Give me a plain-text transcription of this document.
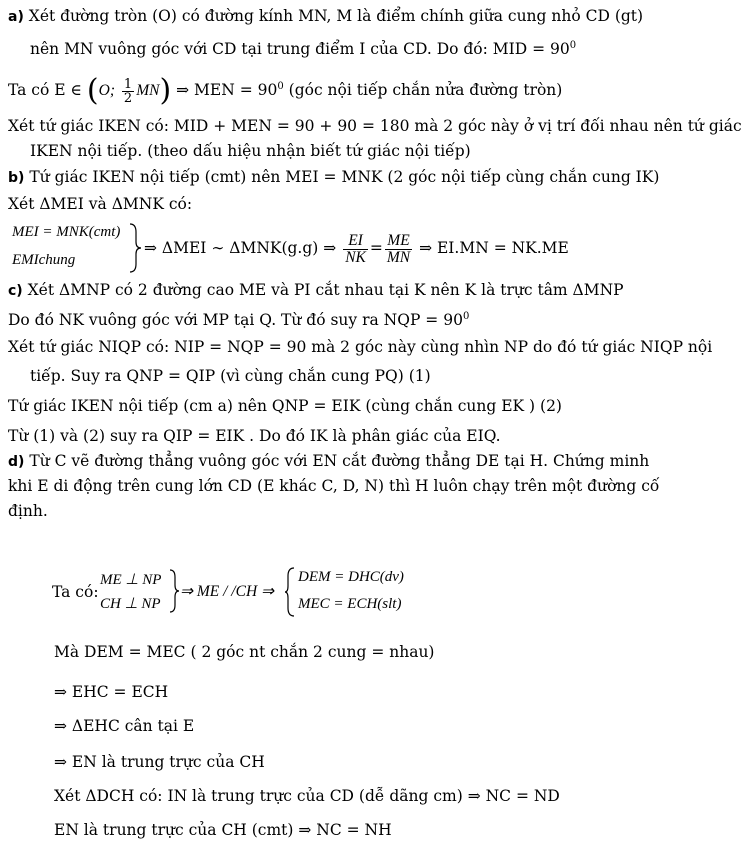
a) Xét đường tròn (O) có đường kính MN, M là điểm chính giữa cung nhỏ CD (gt)
nên MN vuông góc với CD tại trung điểm I của CD. Do đó: MID = $90^0$
Ta có E ∈ (O; $\frac{1}{2} MN$) ⇒ MEN = $90^0$ (góc nội tiếp chắn nửa đường tròn)
Xét tứ giác IKEN có: MID + MEN = 90 + 90 = 180 mà 2 góc này ở vị trí đối nhau nên tứ giác
IKEN nội tiếp. (theo dấu hiệu nhận biết tứ giác nội tiếp)
b) Tứ giác IKEN nội tiếp (cmt) nên MEI = MNK (2 góc nội tiếp cùng chắn cung IK)
Xét ΔMEI và ΔMNK có:
MEI = MNK(cmt)
EMIchung
⇒ ΔMEI ∼ ΔMNK(g.g) ⇒ $\frac{EI}{NK} = \frac{ME}{MN}$ ⇒ EI.MN = NK.ME
c) Xét ΔMNP có 2 đường cao ME và PI cắt nhau tại K nên K là trực tâm ΔMNP
Do đó NK vuông góc với MP tại Q. Từ đó suy ra NQP = $90^0$
Xét tứ giác NIQP có: NIP = NQP = 90 mà 2 góc này cùng nhìn NP do đó tứ giác NIQP nội
tiếp. Suy ra QNP = QIP (vì cùng chắn cung PQ) (1)
Tứ giác IKEN nội tiếp (cm a) nên QNP = EIK (cùng chắn cung EK ) (2)
Từ (1) và (2) suy ra QIP = EIK . Do đó IK là phân giác của EIQ.
d) Từ C vẽ đường thẳng vuông góc với EN cắt đường thẳng DE tại H. Chứng minh
khi E di động trên cung lớn CD (E khác C, D, N) thì H luôn chạy trên một đường cố
định.
Ta có:
ME ⊥ NP
CH ⊥ NP
⇒ ME / /CH ⇒
DEM = DHC(dv)
MEC = ECH(slt)
Mà DEM = MEC ( 2 góc nt chắn 2 cung = nhau)
⇒ EHC = ECH
⇒ ΔEHC cân tại E
⇒ EN là trung trực của CH
Xét ΔDCH có: IN là trung trực của CD (dễ dãng cm) ⇒ NC = ND
EN là trung trực của CH (cmt) ⇒ NC = NH
